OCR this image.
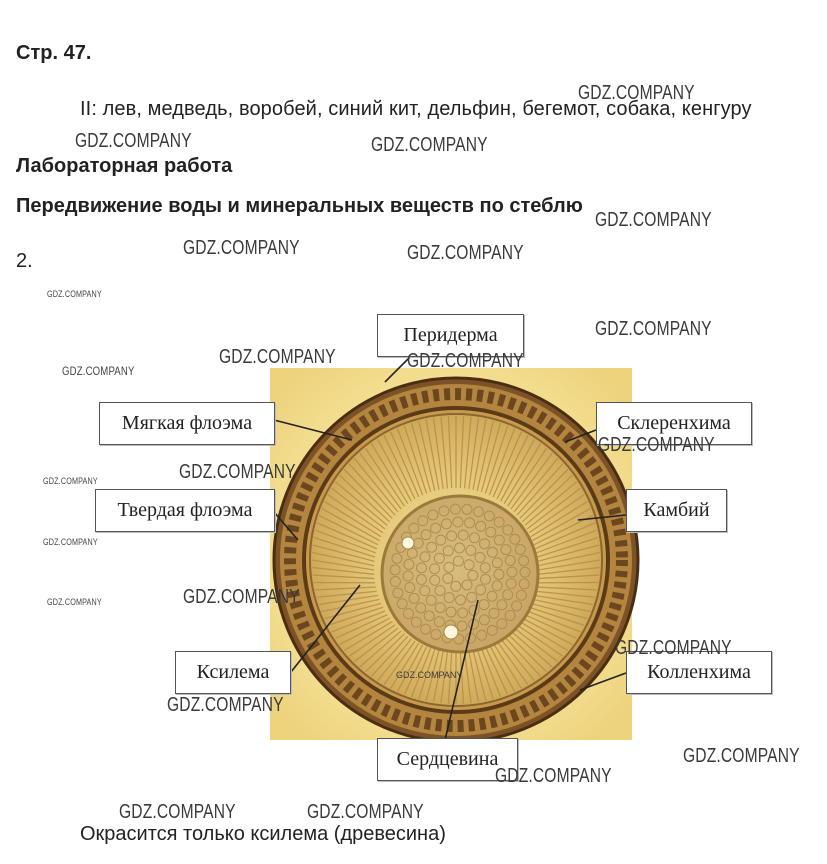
Стр. 47.
II: лев, медведь, воробей, синий кит, дельфин, бегемот, собака, кенгуру
Лабораторная работа
Передвижение воды и минеральных веществ по стеблю
2.
GDZ.COMPANY
Перидерма
Мягкая флоэма	Склеренхима
Твердая флоэма	Камбий
Ксилема	Колленхима
Сердцевина
Окрасится только ксилема (древесина)
GDZ.COMPANY
GDZ.COMPANY	GDZ.COMPANY
GDZ.COMPANY
GDZ.COMPANY	GDZ.COMPANY
GDZ.COMPANY
GDZ.COMPANY
GDZ.COMPANY	GDZ.COMPANY
GDZ.COMPANY
GDZ.COMPANY
GDZ.COMPANY
GDZ.COMPANY
GDZ.COMPANY
GDZ.COMPANY
GDZ.COMPANY
GDZ.COMPANY
GDZ.COMPANY
GDZ.COMPANY
GDZ.COMPANY
GDZ.COMPANY	GDZ.COMPANY
